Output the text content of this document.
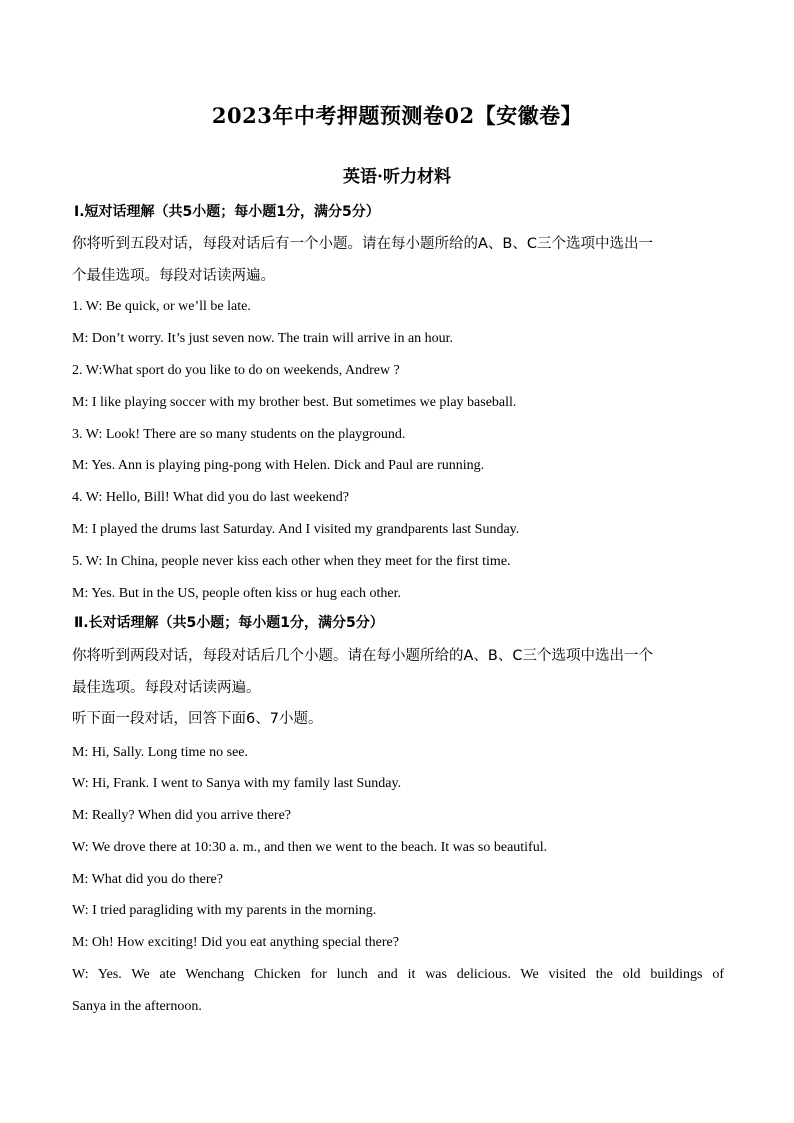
2023年中考押题预测卷02【安徽卷】
英语·听力材料
Ⅰ.短对话理解（共5小题；每小题1分，满分5分）
你将听到五段对话，每段对话后有一个小题。请在每小题所给的A、B、C三个选项中选出一
个最佳选项。每段对话读两遍。
1. W: Be quick, or we’ll be late.
M: Don’t worry. It’s just seven now. The train will arrive in an hour.
2. W:What sport do you like to do on weekends, Andrew ?
M: I like playing soccer with my brother best. But sometimes we play baseball.
3. W: Look! There are so many students on the playground.
M: Yes. Ann is playing ping-pong with Helen. Dick and Paul are running.
4. W: Hello, Bill! What did you do last weekend?
M: I played the drums last Saturday. And I visited my grandparents last Sunday.
5. W: In China, people never kiss each other when they meet for the first time.
M: Yes. But in the US, people often kiss or hug each other.
Ⅱ.长对话理解（共5小题；每小题1分，满分5分）
你将听到两段对话，每段对话后几个小题。请在每小题所给的A、B、C三个选项中选出一个
最佳选项。每段对话读两遍。
听下面一段对话，回答下面6、7小题。
M: Hi, Sally. Long time no see.
W: Hi, Frank. I went to Sanya with my family last Sunday.
M: Really? When did you arrive there?
W: We drove there at 10:30 a. m., and then we went to the beach. It was so beautiful.
M: What did you do there?
W: I tried paragliding with my parents in the morning.
M: Oh! How exciting! Did you eat anything special there?
W: Yes. We ate Wenchang Chicken for lunch and it was delicious. We visited the old buildings of
Sanya in the afternoon.
